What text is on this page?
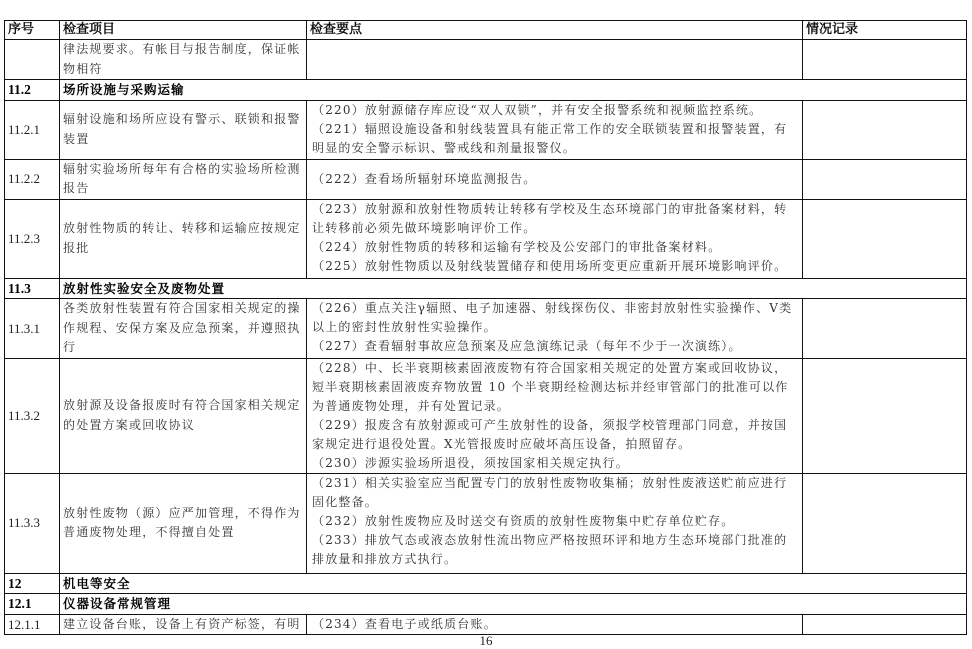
序号	检查项目	检查要点	情况记录
	律法规要求。有帐目与报告制度，保证帐物相符		
11.2	场所设施与采购运输		
11.2.1	辐射设施和场所应设有警示、联锁和报警装置	（220）放射源储存库应设“双人双锁”，并有安全报警系统和视频监控系统。
（221）辐照设施设备和射线装置具有能正常工作的安全联锁装置和报警装置，有明显的安全警示标识、警戒线和剂量报警仪。	

11.2.2	辐射实验场所每年有合格的实验场所检测报告	（222）查看场所辐射环境监测报告。	

11.2.3	放射性物质的转让、转移和运输应按规定报批	（223）放射源和放射性物质转让转移有学校及生态环境部门的审批备案材料，转让转移前必须先做环境影响评价工作。
（224）放射性物质的转移和运输有学校及公安部门的审批备案材料。
（225）放射性物质以及射线装置储存和使用场所变更应重新开展环境影响评价。	

11.3	放射性实验安全及废物处置		
11.3.1	各类放射性装置有符合国家相关规定的操作规程、安保方案及应急预案，并遵照执行	（226）重点关注γ辐照、电子加速器、射线探伤仪、非密封放射性实验操作、V类以上的密封性放射性实验操作。
（227）查看辐射事故应急预案及应急演练记录（每年不少于一次演练）。	

11.3.2	放射源及设备报废时有符合国家相关规定的处置方案或回收协议	（228）中、长半衰期核素固液废物有符合国家相关规定的处置方案或回收协议，短半衰期核素固液废弃物放置 10 个半衰期经检测达标并经审管部门的批准可以作为普通废物处理，并有处置记录。
（229）报废含有放射源或可产生放射性的设备，须报学校管理部门同意，并按国家规定进行退役处置。X光管报废时应破坏高压设备，拍照留存。
（230）涉源实验场所退役，须按国家相关规定执行。	

11.3.3	放射性废物（源）应严加管理，不得作为普通废物处理，不得擅自处置	（231）相关实验室应当配置专门的放射性废物收集桶；放射性废液送贮前应进行固化整备。
（232）放射性废物应及时送交有资质的放射性废物集中贮存单位贮存。
（233）排放气态或液态放射性流出物应严格按照环评和地方生态环境部门批准的排放量和排放方式执行。	

12	机电等安全		
12.1	仪器设备常规管理		
12.1.1	建立设备台账，设备上有资产标签，有明	（234）查看电子或纸质台账。	

16
